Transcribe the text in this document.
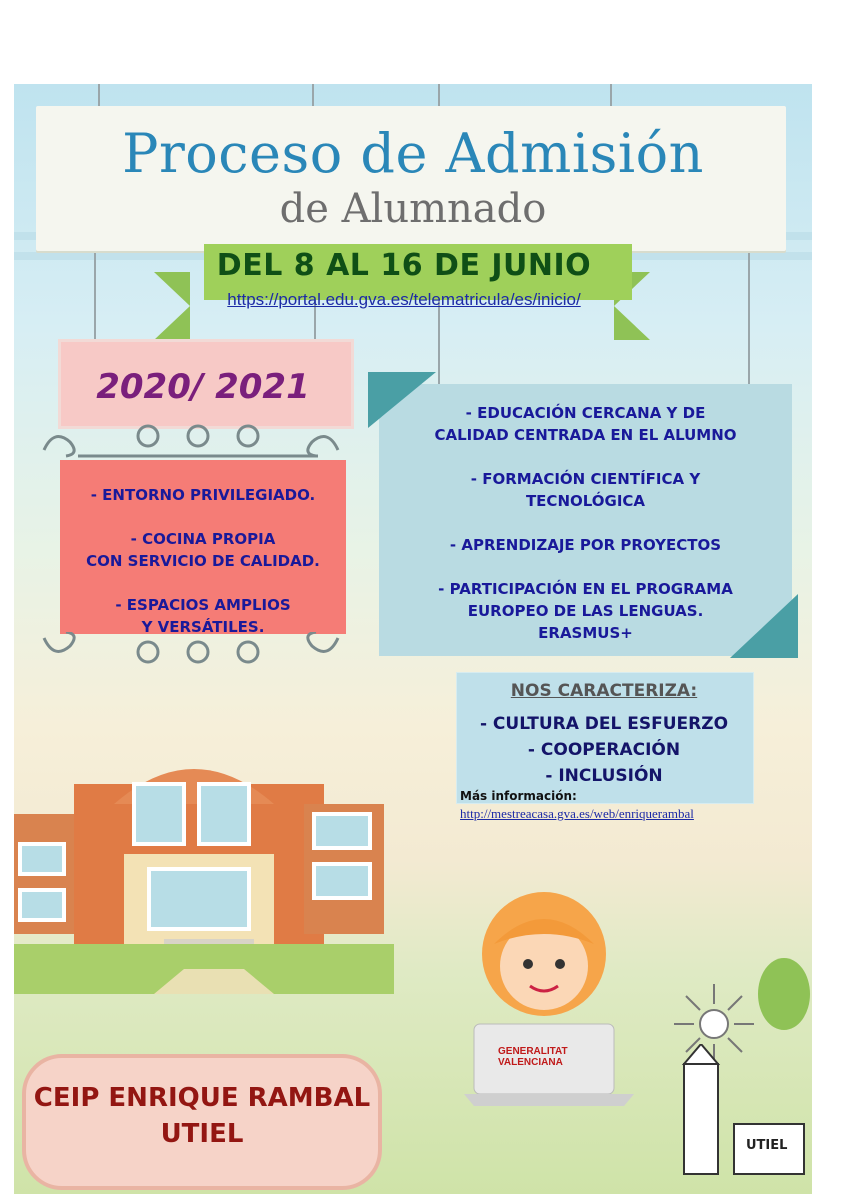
Proceso de Admisión
de Alumnado
DEL 8 AL 16 DE JUNIO
https://portal.edu.gva.es/telematricula/es/inicio/
2020/ 2021
- ENTORNO PRIVILEGIADO.
- COCINA PROPIA
CON SERVICIO DE CALIDAD.
- ESPACIOS AMPLIOS
Y VERSÁTILES.
- EDUCACIÓN CERCANA Y DE
CALIDAD CENTRADA EN EL ALUMNO
- FORMACIÓN CIENTÍFICA Y
TECNOLÓGICA
- APRENDIZAJE POR PROYECTOS
- PARTICIPACIÓN EN EL PROGRAMA
EUROPEO DE LAS LENGUAS.
ERASMUS+
NOS CARACTERIZA:
- CULTURA DEL ESFUERZO
- COOPERACIÓN
- INCLUSIÓN
Más información:
http://mestreacasa.gva.es/web/enriquerambal
GENERALITAT
VALENCIANA
UTIEL
CEIP ENRIQUE RAMBAL
UTIEL
